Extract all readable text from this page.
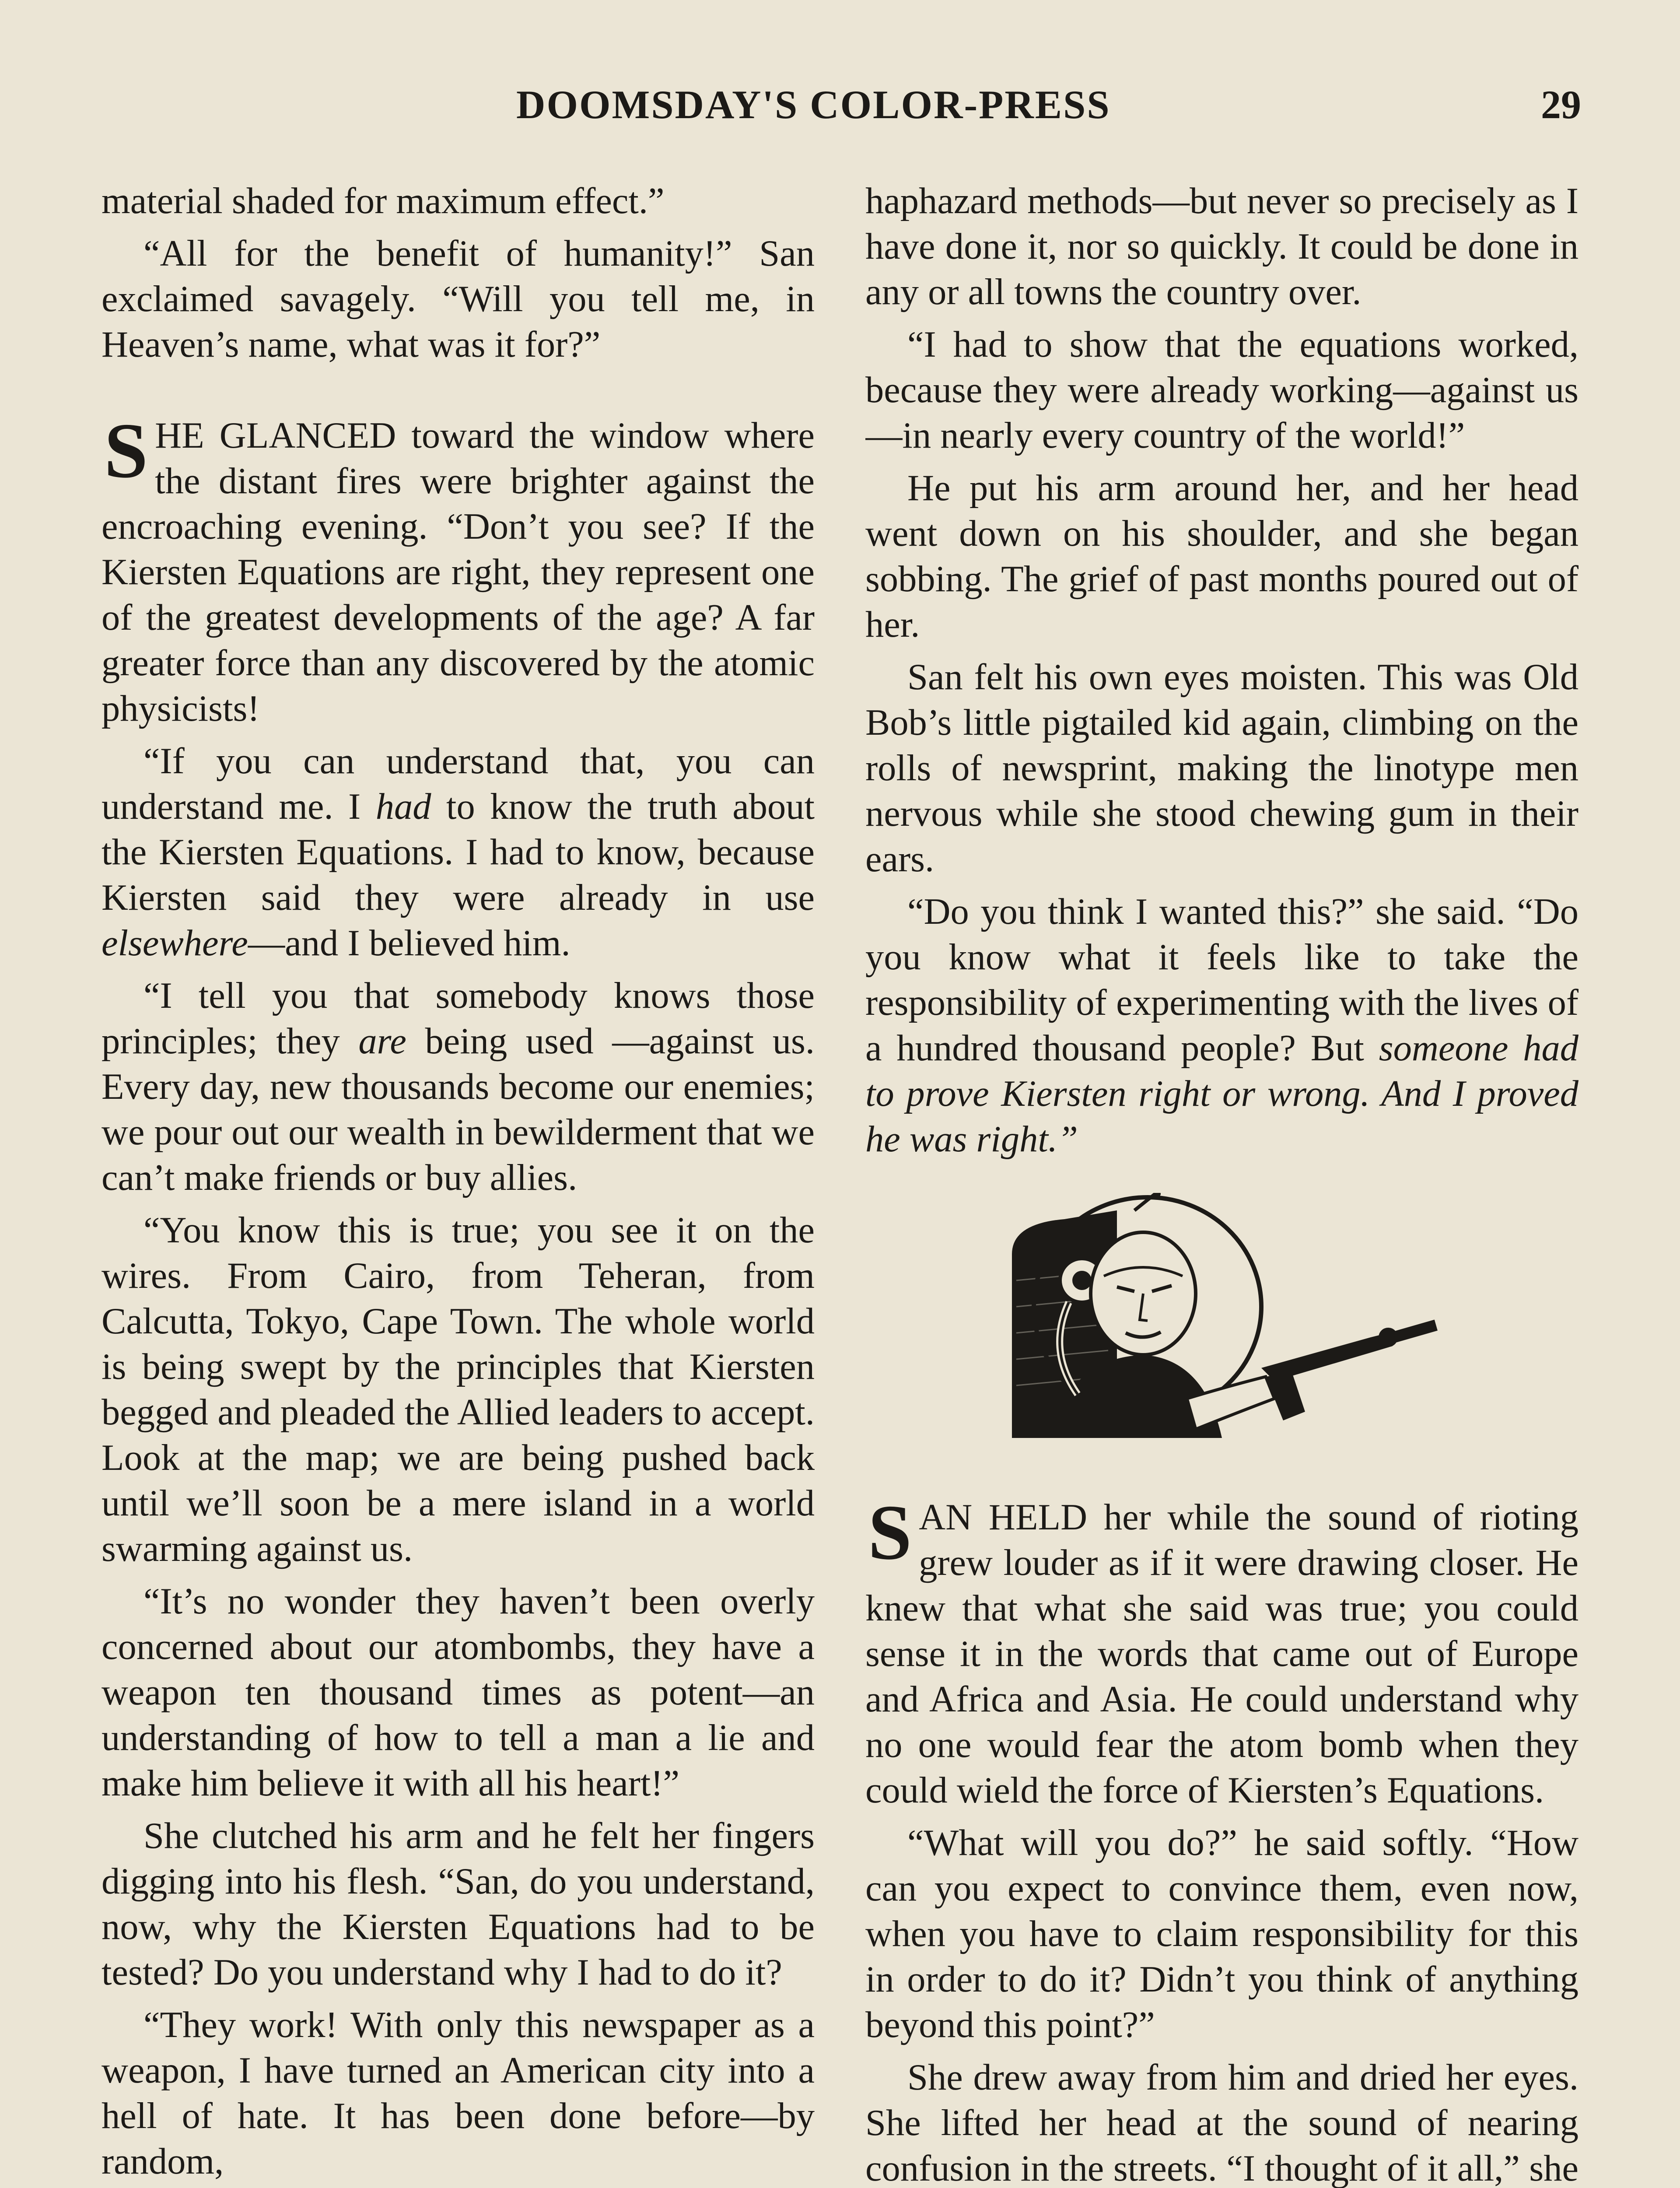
DOOMSDAY'S COLOR-PRESS	29

material shaded for maximum effect.”

“All for the benefit of humanity!” San exclaimed savagely. “Will you tell me, in Heaven’s name, what was it for?”

SHE GLANCED toward the window where the distant fires were brighter against the encroaching evening. “Don’t you see? If the Kiersten Equations are right, they represent one of the greatest developments of the age? A far greater force than any discovered by the atomic physicists!

“If you can understand that, you can understand me. I had to know the truth about the Kiersten Equations. I had to know, because Kiersten said they were already in use elsewhere—and I believed him.

“I tell you that somebody knows those principles; they are being used —against us. Every day, new thousands become our enemies; we pour out our wealth in bewilderment that we can’t make friends or buy allies.

“You know this is true; you see it on the wires. From Cairo, from Teheran, from Calcutta, Tokyo, Cape Town. The whole world is being swept by the principles that Kiersten begged and pleaded the Allied leaders to accept. Look at the map; we are being pushed back until we’ll soon be a mere island in a world swarming against us.

“It’s no wonder they haven’t been overly concerned about our atombombs, they have a weapon ten thousand times as potent—an understanding of how to tell a man a lie and make him believe it with all his heart!”

She clutched his arm and he felt her fingers digging into his flesh. “San, do you understand, now, why the Kiersten Equations had to be tested? Do you understand why I had to do it?

“They work! With only this newspaper as a weapon, I have turned an American city into a hell of hate. It has been done before—by random,

haphazard methods—but never so precisely as I have done it, nor so quickly. It could be done in any or all towns the country over.

“I had to show that the equations worked, because they were already working—against us—in nearly every country of the world!”

He put his arm around her, and her head went down on his shoulder, and she began sobbing. The grief of past months poured out of her.

San felt his own eyes moisten. This was Old Bob’s little pigtailed kid again, climbing on the rolls of newsprint, making the linotype men nervous while she stood chewing gum in their ears.

“Do you think I wanted this?” she said. “Do you know what it feels like to take the responsibility of experimenting with the lives of a hundred thousand people? But someone had to prove Kiersten right or wrong. And I proved he was right.”

SAN HELD her while the sound of rioting grew louder as if it were drawing closer. He knew that what she said was true; you could sense it in the words that came out of Europe and Africa and Asia. He could understand why no one would fear the atom bomb when they could wield the force of Kiersten’s Equations.

“What will you do?” he said softly. “How can you expect to convince them, even now, when you have to claim responsibility for this in order to do it? Didn’t you think of anything beyond this point?”

She drew away from him and dried her eyes. She lifted her head at the sound of nearing confusion in the streets. “I thought of it all,” she
